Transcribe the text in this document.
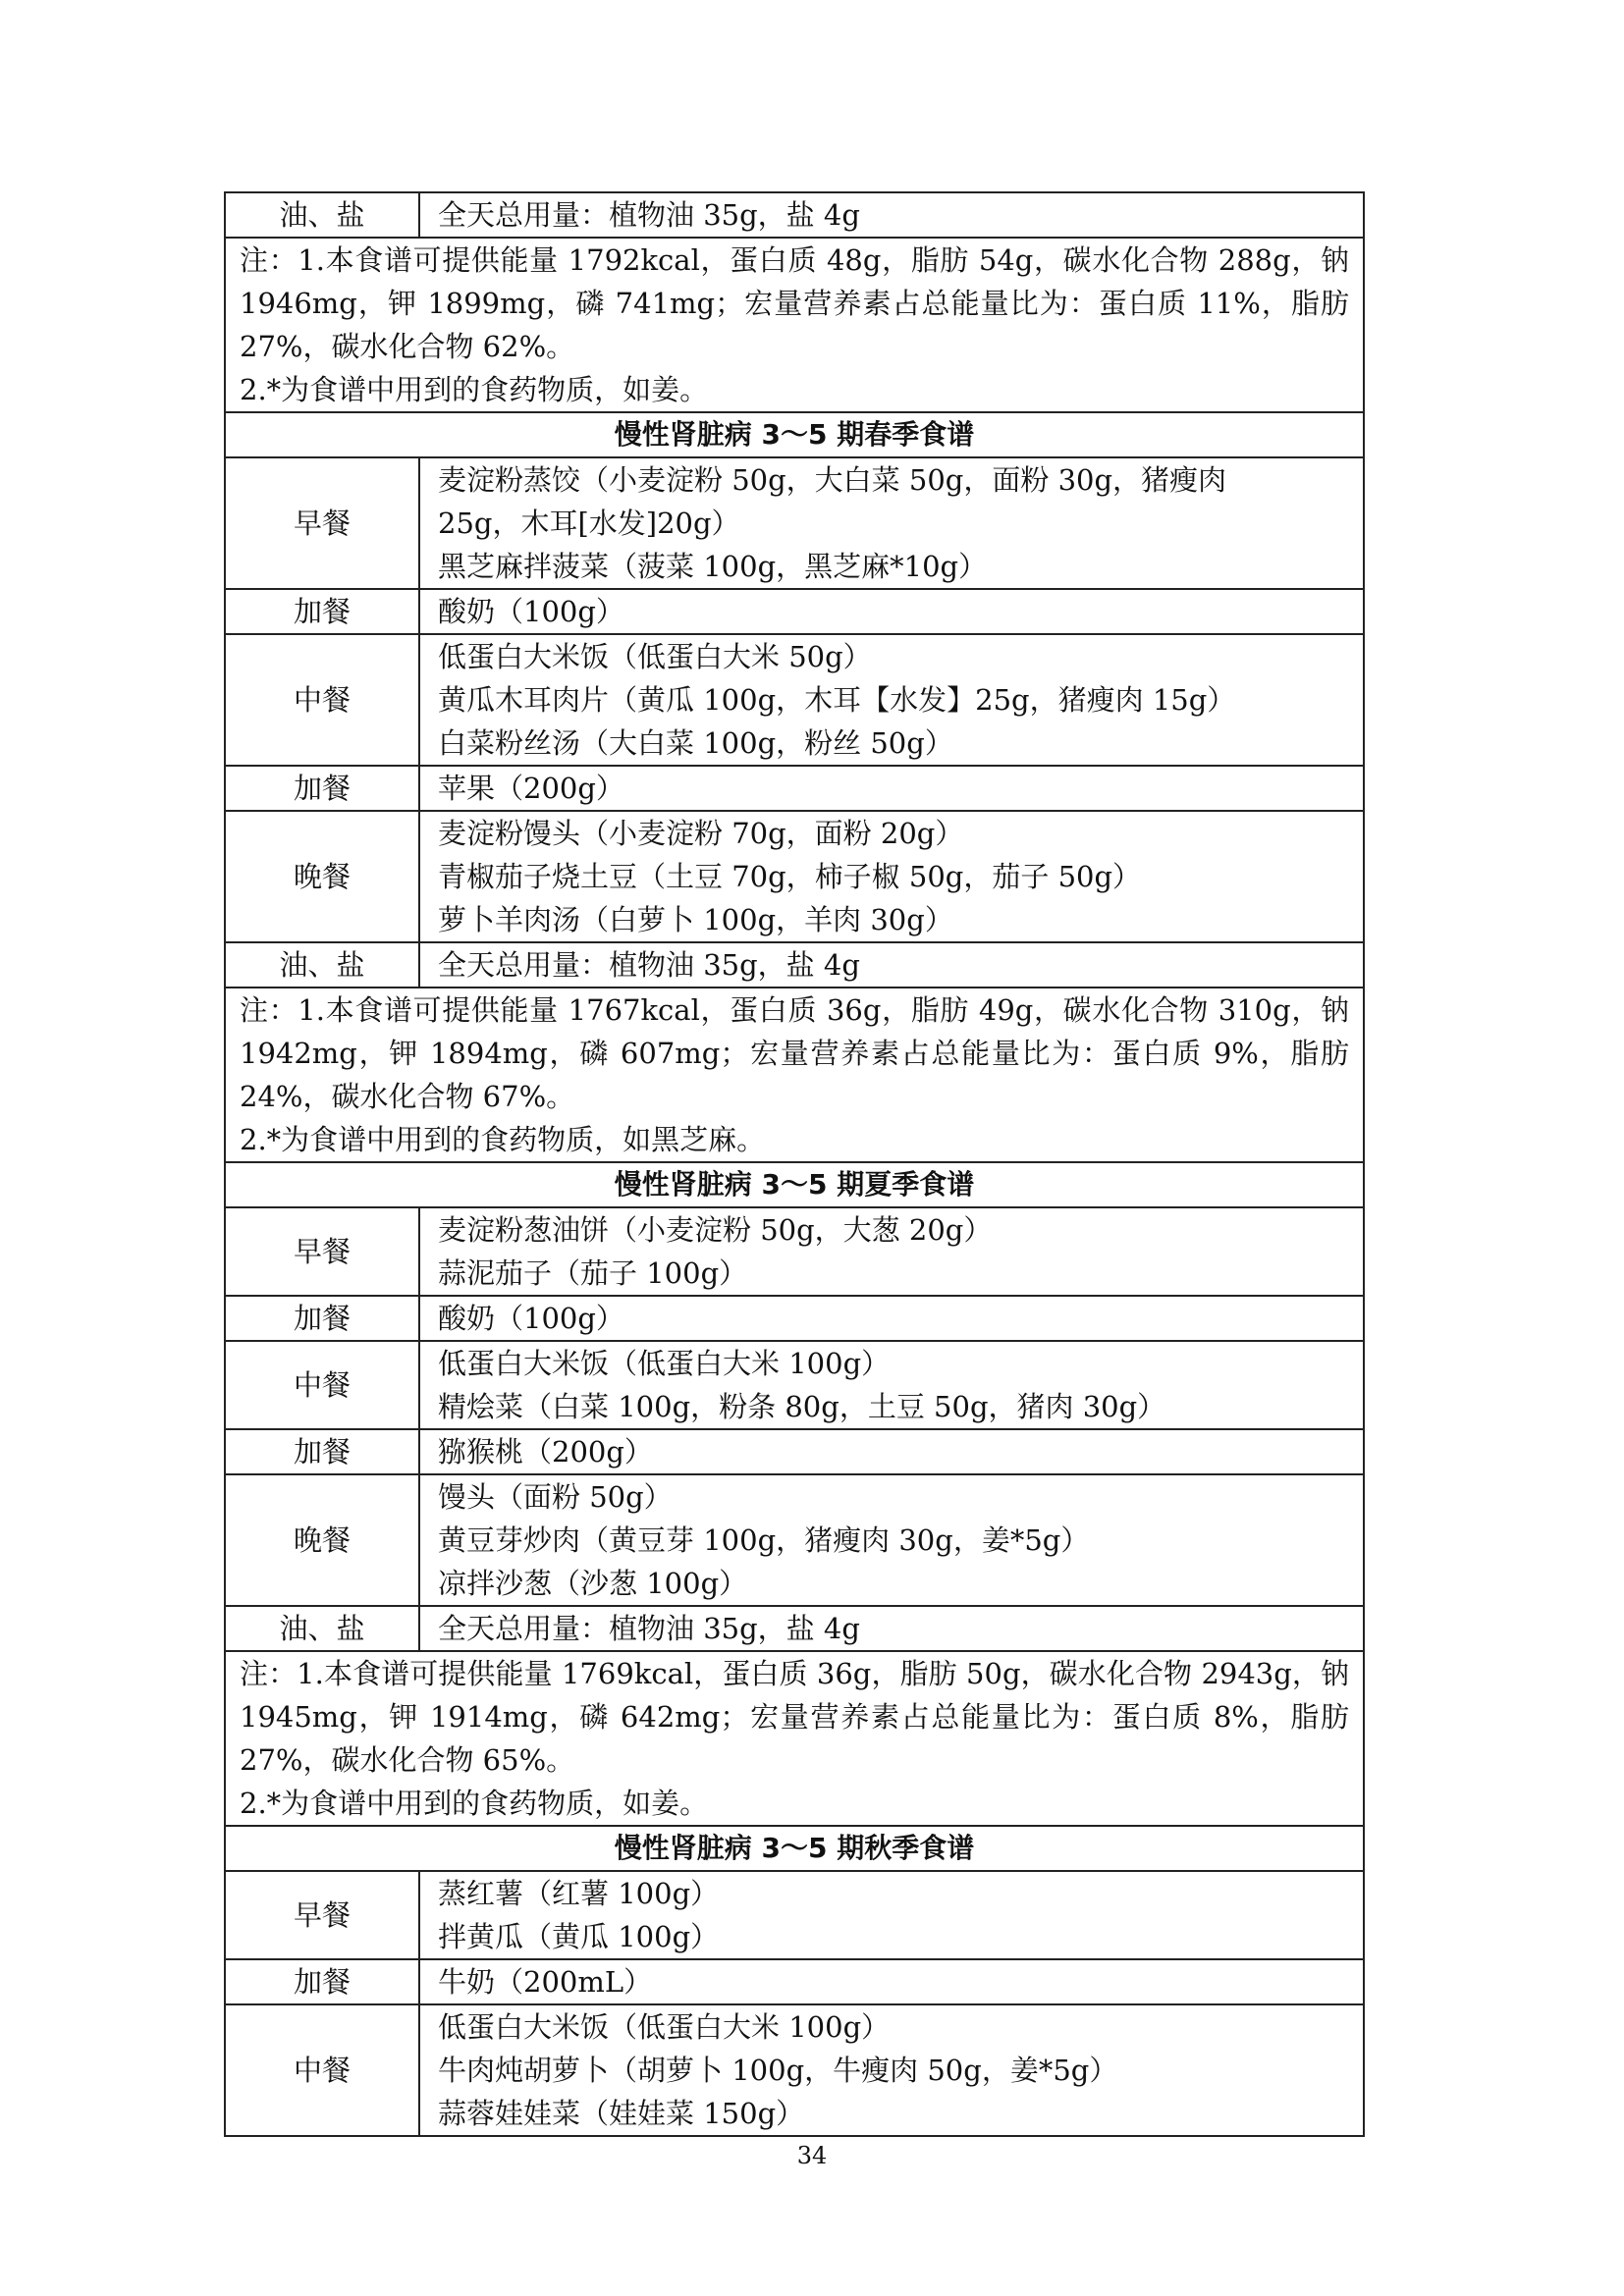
油、盐	全天总用量：植物油 35g，盐 4g

注：1.本食谱可提供能量 1792kcal，蛋白质 48g，脂肪 54g，碳水化合物 288g，钠 1946mg，钾 1899mg，磷 741mg；宏量营养素占总能量比为：蛋白质 11%，脂肪 27%，碳水化合物 62%。
2.*为食谱中用到的食药物质，如姜。	

慢性肾脏病 3～5 期春季食谱	
早餐	麦淀粉蒸饺（小麦淀粉 50g，大白菜 50g，面粉 30g，猪瘦肉
25g，木耳[水发]20g）
黑芝麻拌菠菜（菠菜 100g，黑芝麻*10g）

加餐	酸奶（100g）

中餐	低蛋白大米饭（低蛋白大米 50g）
黄瓜木耳肉片（黄瓜 100g，木耳【水发】25g，猪瘦肉 15g）
白菜粉丝汤（大白菜 100g，粉丝 50g）

加餐	苹果（200g）

晚餐	麦淀粉馒头（小麦淀粉 70g，面粉 20g）
青椒茄子烧土豆（土豆 70g，柿子椒 50g，茄子 50g）
萝卜羊肉汤（白萝卜 100g，羊肉 30g）

油、盐	全天总用量：植物油 35g，盐 4g

注：1.本食谱可提供能量 1767kcal，蛋白质 36g，脂肪 49g，碳水化合物 310g，钠 1942mg，钾 1894mg，磷 607mg；宏量营养素占总能量比为：蛋白质 9%，脂肪 24%，碳水化合物 67%。
2.*为食谱中用到的食药物质，如黑芝麻。	

慢性肾脏病 3～5 期夏季食谱	
早餐	麦淀粉葱油饼（小麦淀粉 50g，大葱 20g）
蒜泥茄子（茄子 100g）

加餐	酸奶（100g）

中餐	低蛋白大米饭（低蛋白大米 100g）
精烩菜（白菜 100g，粉条 80g，土豆 50g，猪肉 30g）

加餐	猕猴桃（200g）

晚餐	馒头（面粉 50g）
黄豆芽炒肉（黄豆芽 100g，猪瘦肉 30g，姜*5g）
凉拌沙葱（沙葱 100g）

油、盐	全天总用量：植物油 35g，盐 4g

注：1.本食谱可提供能量 1769kcal，蛋白质 36g，脂肪 50g，碳水化合物 2943g，钠 1945mg，钾 1914mg，磷 642mg；宏量营养素占总能量比为：蛋白质 8%，脂肪 27%，碳水化合物 65%。
2.*为食谱中用到的食药物质，如姜。	

慢性肾脏病 3～5 期秋季食谱	
早餐	蒸红薯（红薯 100g）
拌黄瓜（黄瓜 100g）

加餐	牛奶（200mL）

中餐	低蛋白大米饭（低蛋白大米 100g）
牛肉炖胡萝卜（胡萝卜 100g，牛瘦肉 50g，姜*5g）
蒜蓉娃娃菜（娃娃菜 150g）
34
